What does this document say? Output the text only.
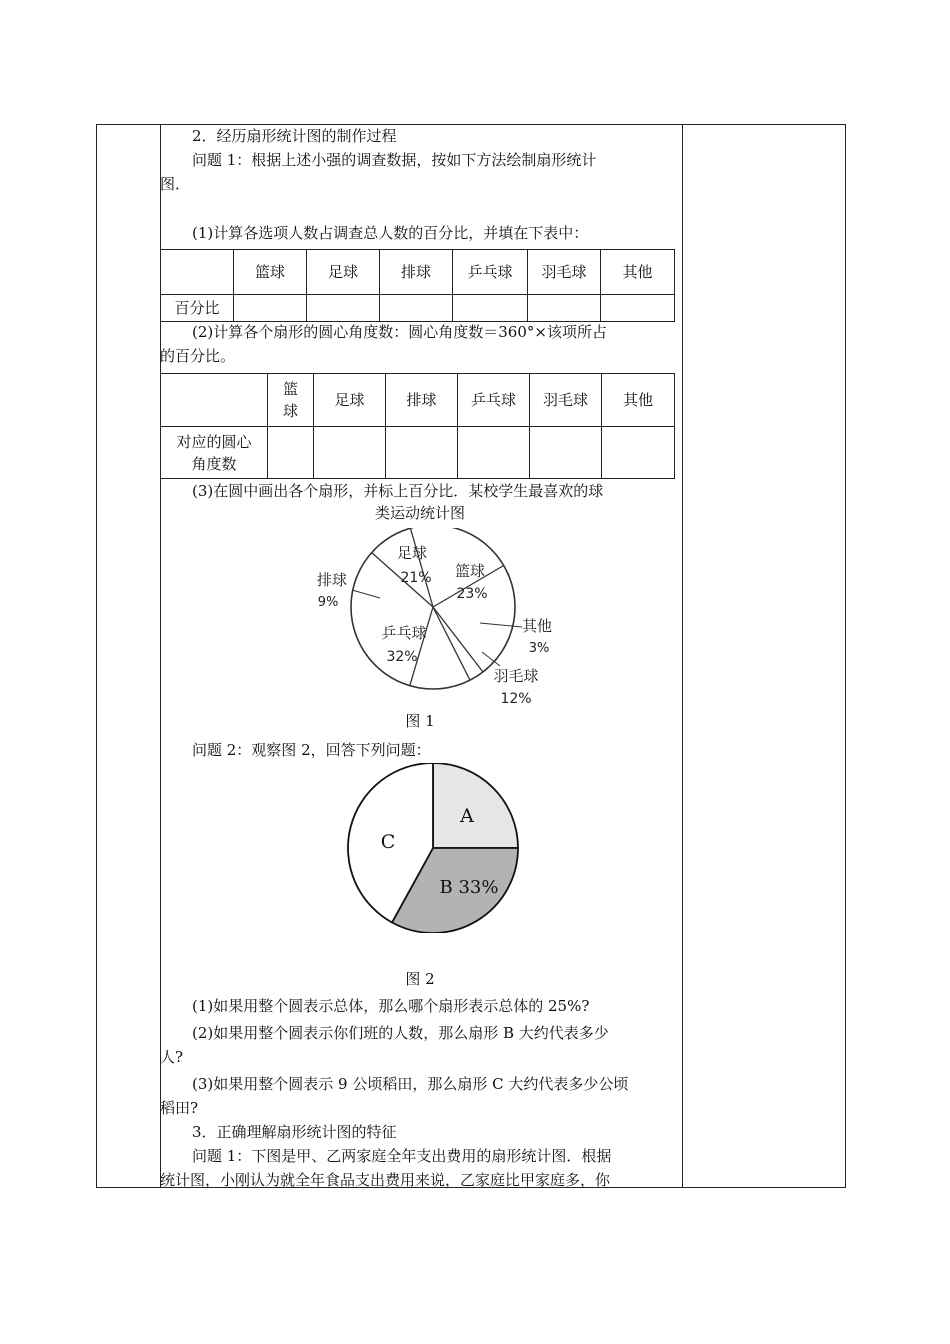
2．经历扇形统计图的制作过程
问题 1：根据上述小强的调查数据，按如下方法绘制扇形统计
图．
(1)计算各选项人数占调查总人数的百分比，并填在下表中：
	篮球	足球	排球	乒乓球	羽毛球	其他
百分比						
(2)计算各个扇形的圆心角度数：圆心角度数＝360°×该项所占
的百分比。
	篮
球	足球	排球	乒乓球	羽毛球	其他
对应的圆心
角度数						
(3)在圆中画出各个扇形，并标上百分比．某校学生最喜欢的球
类运动统计图
足球
21% 篮球
23%
排球
9%
乒乓球
32%
其他
3%
羽毛球
12%
图 1
问题 2：观察图 2，回答下列问题：
A
B 33%
C
图 2
(1)如果用整个圆表示总体，那么哪个扇形表示总体的 25%?
(2)如果用整个圆表示你们班的人数，那么扇形 B 大约代表多少
人?
(3)如果用整个圆表示 9 公顷稻田，那么扇形 C 大约代表多少公顷
稻田?
3．正确理解扇形统计图的特征
问题 1：下图是甲、乙两家庭全年支出费用的扇形统计图．根据
统计图，小刚认为就全年食品支出费用来说，乙家庭比甲家庭多，你
